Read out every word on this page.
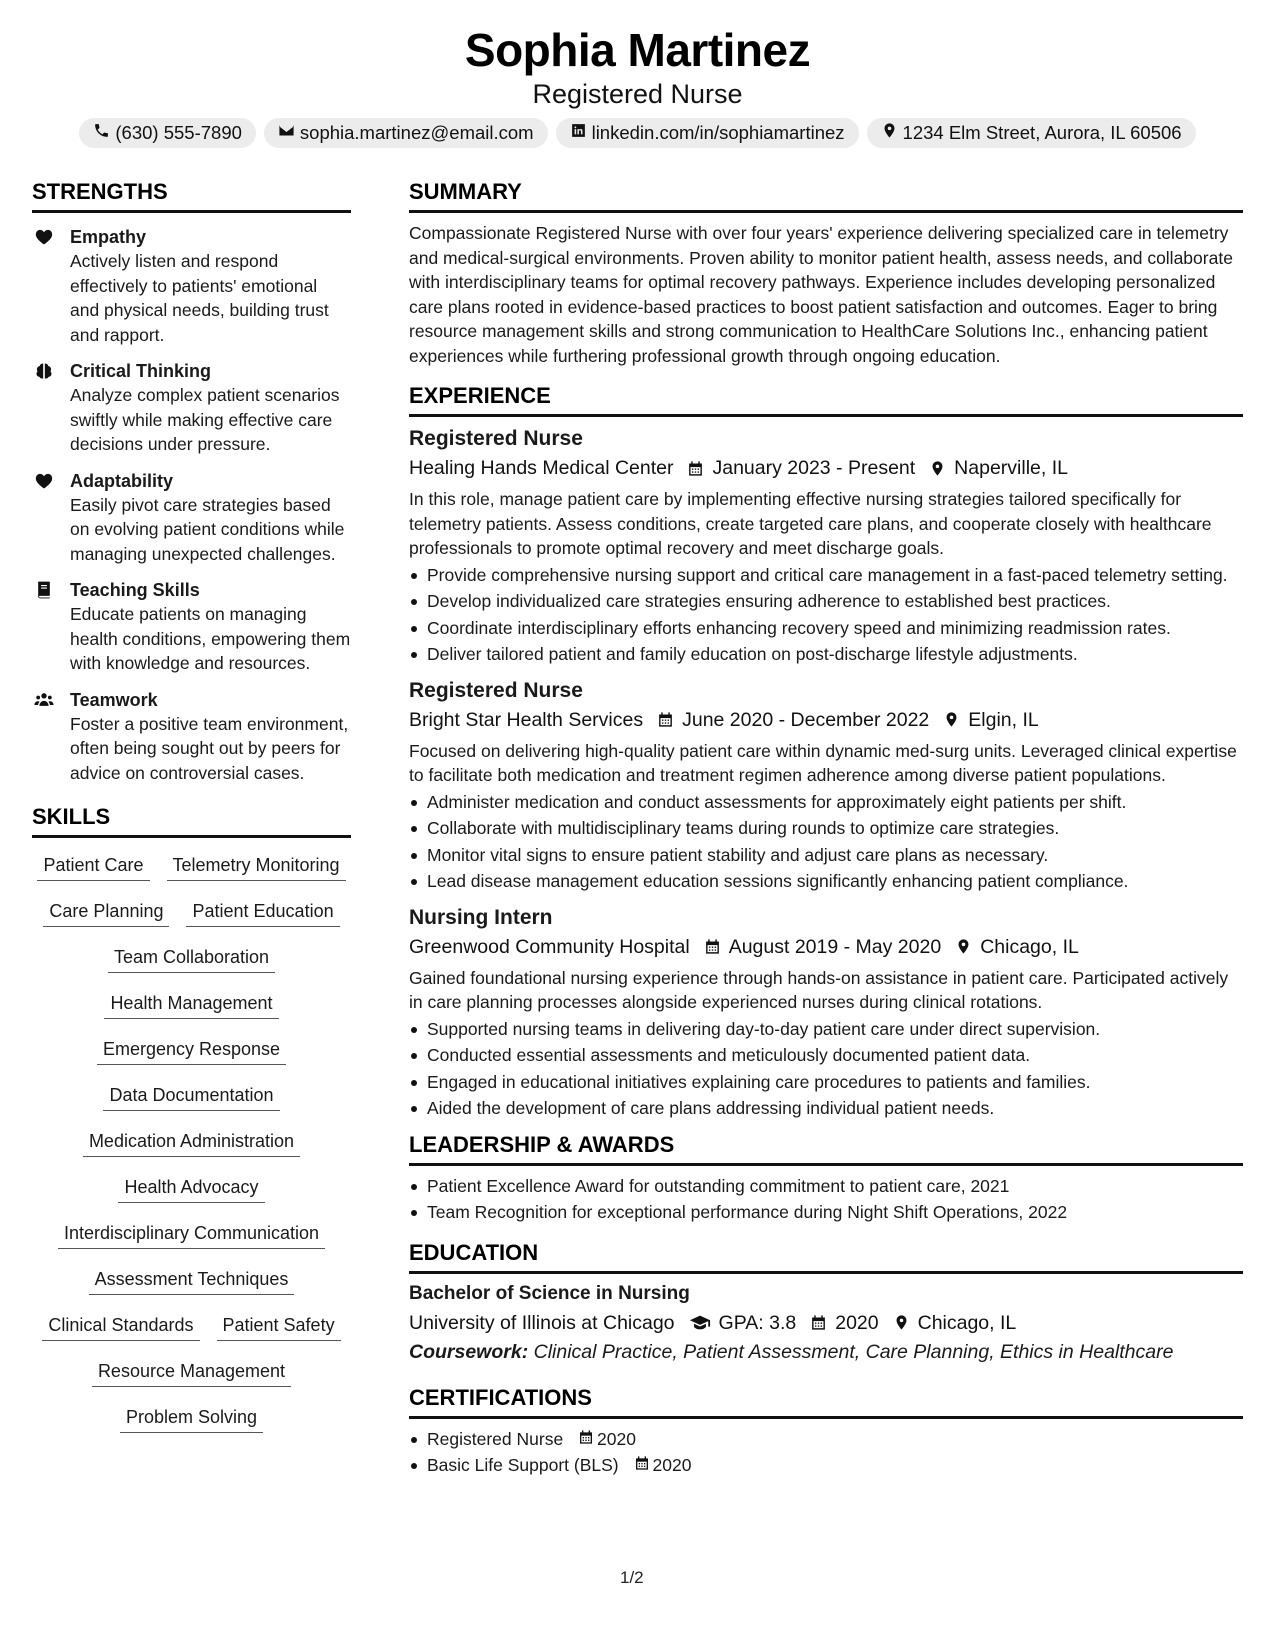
Sophia Martinez
Registered Nurse
(630) 555-7890	sophia.martinez@email.com	linkedin.com/in/sophiamartinez	1234 Elm Street, Aurora, IL 60506
STRENGTHS
Empathy
Actively listen and respond effectively to patients' emotional and physical needs, building trust and rapport.
Critical Thinking
Analyze complex patient scenarios swiftly while making effective care decisions under pressure.
Adaptability
Easily pivot care strategies based on evolving patient conditions while managing unexpected challenges.
Teaching Skills
Educate patients on managing health conditions, empowering them with knowledge and resources.
Teamwork
Foster a positive team environment, often being sought out by peers for advice on controversial cases.
SKILLS
Patient Care	Telemetry Monitoring
Care Planning	Patient Education
Team Collaboration
Health Management
Emergency Response
Data Documentation
Medication Administration
Health Advocacy
Interdisciplinary Communication
Assessment Techniques
Clinical Standards	Patient Safety
Resource Management
Problem Solving
SUMMARY
Compassionate Registered Nurse with over four years' experience delivering specialized care in telemetry and medical-surgical environments. Proven ability to monitor patient health, assess needs, and collaborate with interdisciplinary teams for optimal recovery pathways. Experience includes developing personalized care plans rooted in evidence-based practices to boost patient satisfaction and outcomes. Eager to bring resource management skills and strong communication to HealthCare Solutions Inc., enhancing patient experiences while furthering professional growth through ongoing education.
EXPERIENCE
Registered Nurse
Healing Hands Medical Center January 2023 - Present Naperville, IL
In this role, manage patient care by implementing effective nursing strategies tailored specifically for telemetry patients. Assess conditions, create targeted care plans, and cooperate closely with healthcare professionals to promote optimal recovery and meet discharge goals.
Provide comprehensive nursing support and critical care management in a fast-paced telemetry setting.
Develop individualized care strategies ensuring adherence to established best practices.
Coordinate interdisciplinary efforts enhancing recovery speed and minimizing readmission rates.
Deliver tailored patient and family education on post-discharge lifestyle adjustments.
Registered Nurse
Bright Star Health Services June 2020 - December 2022 Elgin, IL
Focused on delivering high-quality patient care within dynamic med-surg units. Leveraged clinical expertise to facilitate both medication and treatment regimen adherence among diverse patient populations.
Administer medication and conduct assessments for approximately eight patients per shift.
Collaborate with multidisciplinary teams during rounds to optimize care strategies.
Monitor vital signs to ensure patient stability and adjust care plans as necessary.
Lead disease management education sessions significantly enhancing patient compliance.
Nursing Intern
Greenwood Community Hospital August 2019 - May 2020 Chicago, IL
Gained foundational nursing experience through hands-on assistance in patient care. Participated actively in care planning processes alongside experienced nurses during clinical rotations.
Supported nursing teams in delivering day-to-day patient care under direct supervision.
Conducted essential assessments and meticulously documented patient data.
Engaged in educational initiatives explaining care procedures to patients and families.
Aided the development of care plans addressing individual patient needs.
LEADERSHIP & AWARDS
Patient Excellence Award for outstanding commitment to patient care, 2021
Team Recognition for exceptional performance during Night Shift Operations, 2022
EDUCATION
Bachelor of Science in Nursing
University of Illinois at Chicago GPA: 3.8 2020 Chicago, IL
Coursework: Clinical Practice, Patient Assessment, Care Planning, Ethics in Healthcare
CERTIFICATIONS
Registered Nurse 2020
Basic Life Support (BLS) 2020
1/2
